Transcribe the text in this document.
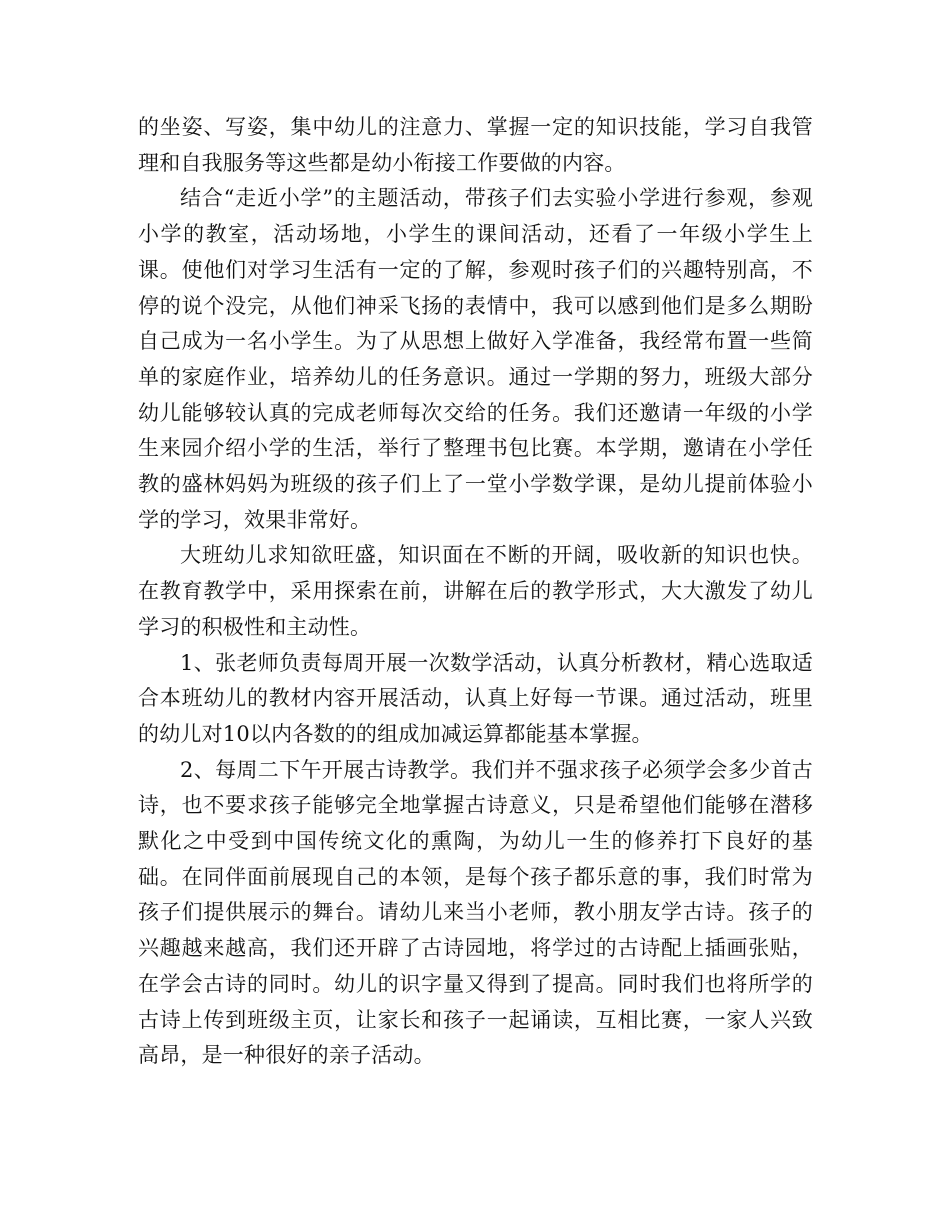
的坐姿、写姿，集中幼儿的注意力、掌握一定的知识技能，学习自我管理和自我服务等这些都是幼小衔接工作要做的内容。

结合“走近小学”的主题活动，带孩子们去实验小学进行参观，参观小学的教室，活动场地，小学生的课间活动，还看了一年级小学生上课。使他们对学习生活有一定的了解，参观时孩子们的兴趣特别高，不停的说个没完，从他们神采飞扬的表情中，我可以感到他们是多么期盼自己成为一名小学生。为了从思想上做好入学准备，我经常布置一些简单的家庭作业，培养幼儿的任务意识。通过一学期的努力，班级大部分幼儿能够较认真的完成老师每次交给的任务。我们还邀请一年级的小学生来园介绍小学的生活，举行了整理书包比赛。本学期，邀请在小学任教的盛林妈妈为班级的孩子们上了一堂小学数学课，是幼儿提前体验小学的学习，效果非常好。

大班幼儿求知欲旺盛，知识面在不断的开阔，吸收新的知识也快。在教育教学中，采用探索在前，讲解在后的教学形式，大大激发了幼儿学习的积极性和主动性。

1、张老师负责每周开展一次数学活动，认真分析教材，精心选取适合本班幼儿的教材内容开展活动，认真上好每一节课。通过活动，班里的幼儿对10以内各数的的组成加减运算都能基本掌握。

2、每周二下午开展古诗教学。我们并不强求孩子必须学会多少首古诗，也不要求孩子能够完全地掌握古诗意义，只是希望他们能够在潜移默化之中受到中国传统文化的熏陶，为幼儿一生的修养打下良好的基础。在同伴面前展现自己的本领，是每个孩子都乐意的事，我们时常为孩子们提供展示的舞台。请幼儿来当小老师，教小朋友学古诗。孩子的兴趣越来越高，我们还开辟了古诗园地，将学过的古诗配上插画张贴，在学会古诗的同时。幼儿的识字量又得到了提高。同时我们也将所学的古诗上传到班级主页，让家长和孩子一起诵读，互相比赛，一家人兴致高昂，是一种很好的亲子活动。
